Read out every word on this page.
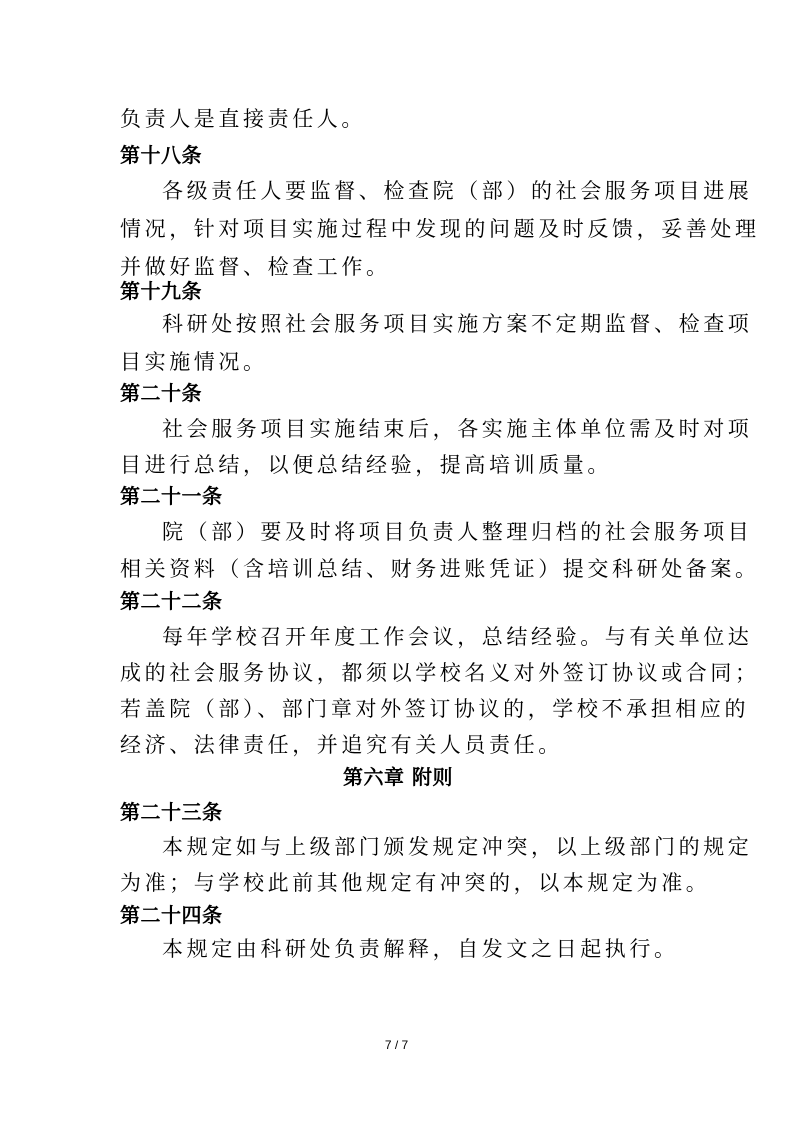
负责人是直接责任人。
第十八条
各级责任人要监督、检查院（部）的社会服务项目进展
情况，针对项目实施过程中发现的问题及时反馈，妥善处理
并做好监督、检查工作。
第十九条
科研处按照社会服务项目实施方案不定期监督、检查项
目实施情况。
第二十条
社会服务项目实施结束后，各实施主体单位需及时对项
目进行总结，以便总结经验，提高培训质量。
第二十一条
院（部）要及时将项目负责人整理归档的社会服务项目
相关资料（含培训总结、财务进账凭证）提交科研处备案。
第二十二条
每年学校召开年度工作会议，总结经验。与有关单位达
成的社会服务协议，都须以学校名义对外签订协议或合同；
若盖院（部）、部门章对外签订协议的，学校不承担相应的
经济、法律责任，并追究有关人员责任。
第六章 附则
第二十三条
本规定如与上级部门颁发规定冲突，以上级部门的规定
为准；与学校此前其他规定有冲突的，以本规定为准。
第二十四条
本规定由科研处负责解释，自发文之日起执行。
7 / 7
